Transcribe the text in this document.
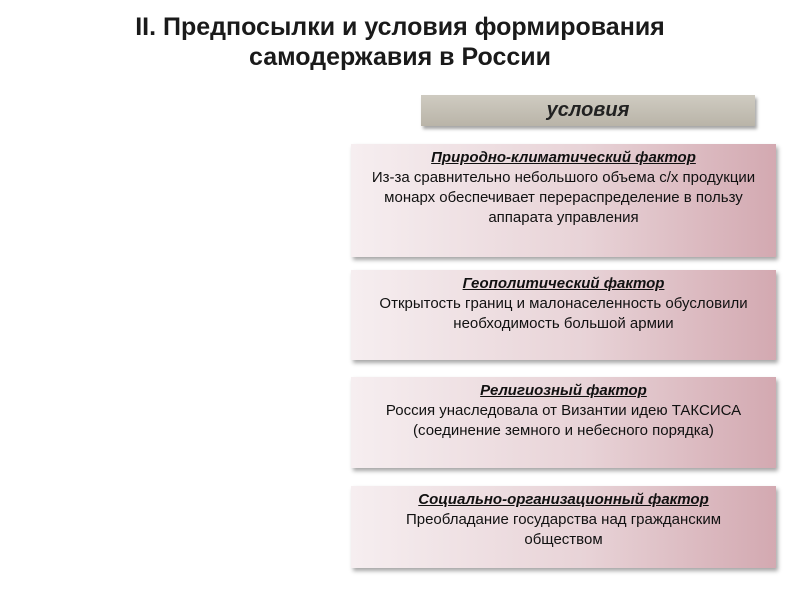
II. Предпосылки и условия формирования
самодержавия в России
условия
Природно-климатический фактор
Из-за сравнительно небольшого объема с/х продукции монарх обеспечивает перераспределение в пользу аппарата управления
Геополитический фактор
Открытость границ и малонаселенность обусловили необходимость большой армии
Религиозный фактор
Россия унаследовала от Византии идею ТАКСИСА (соединение земного и небесного порядка)
Социально-организационный фактор
Преобладание государства над гражданским обществом
